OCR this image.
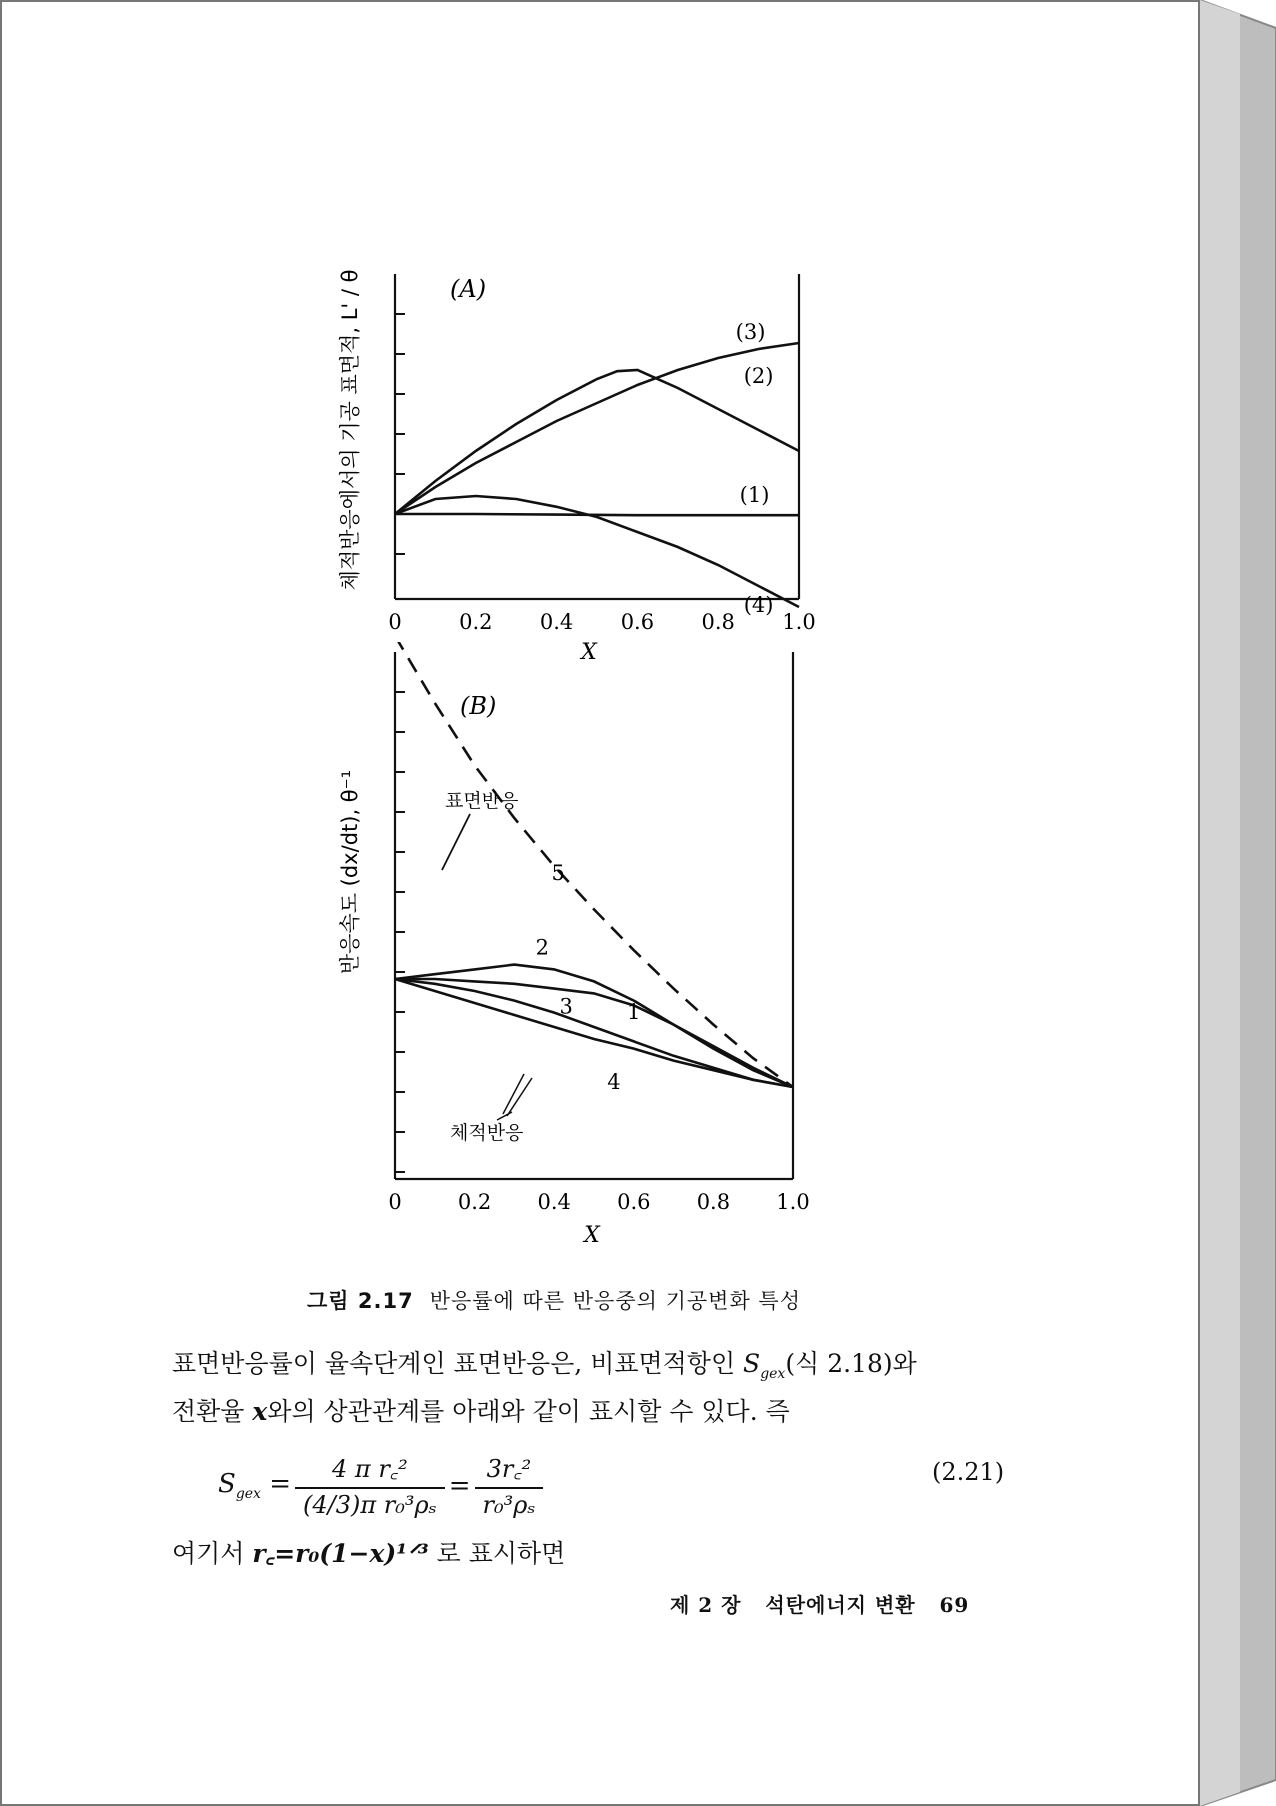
(A)
X
체적반응에서의 기공 표면적, L' / θ
0	0.2 0.4 0.6 0.8 1.0
(1)
(2)
(3)
(4)
(B)
X
반응속도 (dx/dt), θ⁻¹	표면반응
체적반응
0	0.2 0.4 0.6 0.8 1.0
5
2
3	1
4
그림 2.17 반응률에 따른 반응중의 기공변화 특성
표면반응률이 율속단계인 표면반응은, 비표면적항인 $S_{gex}$(식 2.18)와
전환율 x와의 상관관계를 아래와 같이 표시할 수 있다. 즉
$S_{gex}$ =	4 π r꜀²	=	3r꜀²
	(4/3)π r₀³ρₛ		r₀³ρₛ
(2.21)
여기서 r꜀=r₀(1−x)¹ᐟ³ 로 표시하면
제 2 장 석탄에너지 변환 69
